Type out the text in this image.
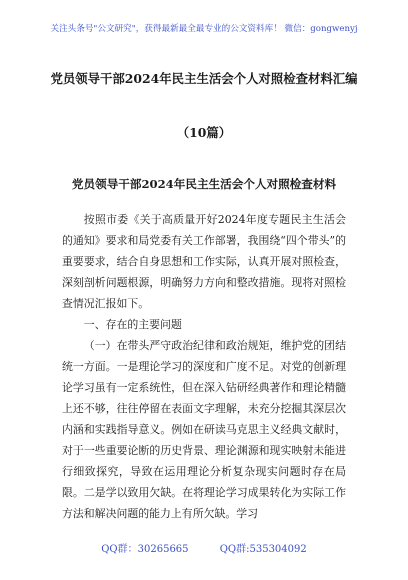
关注头条号"公文研究"，获得最新最全最专业的公文资料库！ 微信：gongwenyj
党员领导干部2024年民主生活会个人对照检查材料汇编
（10篇）
党员领导干部2024年民主生活会个人对照检查材料

按照市委《关于高质量开好2024年度专题民主生活会的通知》要求和局党委有关工作部署，我围绕“四个带头”的重要要求，结合自身思想和工作实际，认真开展对照检查，深刻剖析问题根源，明确努力方向和整改措施。现将对照检查情况汇报如下。

一、存在的主要问题

（一）在带头严守政治纪律和政治规矩，维护党的团结统一方面。一是理论学习的深度和广度不足。对党的创新理论学习虽有一定系统性，但在深入钻研经典著作和理论精髓上还不够，往往停留在表面文字理解，未充分挖掘其深层次内涵和实践指导意义。例如在研读马克思主义经典文献时，对于一些重要论断的历史背景、理论渊源和现实映射未能进行细致探究，导致在运用理论分析复杂现实问题时存在局限。二是学以致用欠缺。在将理论学习成果转化为实际工作方法和解决问题的能力上有所欠缺。学习

QQ群：30265665	QQ群:535304092
